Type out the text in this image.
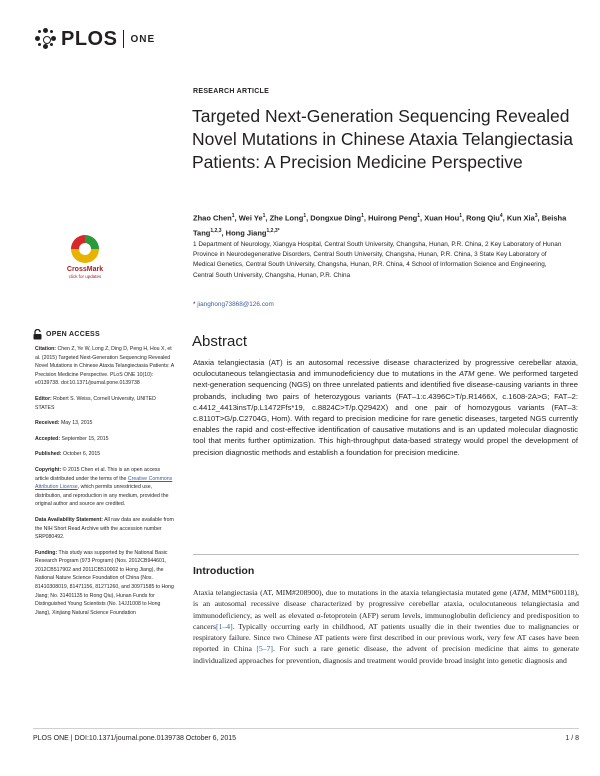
PLOS ONE
RESEARCH ARTICLE
Targeted Next-Generation Sequencing Revealed Novel Mutations in Chinese Ataxia Telangiectasia Patients: A Precision Medicine Perspective
Zhao Chen$^1$, Wei Ye$^1$, Zhe Long$^1$, Dongxue Ding$^1$, Huirong Peng$^1$, Xuan Hou$^1$, Rong Qiu$^4$, Kun Xia$^3$, Beisha Tang$^{1,2,3}$, Hong Jiang$^{1,2,3*}$
1 Department of Neurology, Xiangya Hospital, Central South University, Changsha, Hunan, P.R. China, 2 Key Laboratory of Hunan Province in Neurodegenerative Disorders, Central South University, Changsha, Hunan, P.R. China, 3 State Key Laboratory of Medical Genetics, Central South University, Changsha, Hunan, P.R. China, 4 School of Information Science and Engineering, Central South University, Changsha, Hunan, P.R. China
* jianghong73868@126.com
Abstract
Ataxia telangiectasia (AT) is an autosomal recessive disease characterized by progressive cerebellar ataxia, oculocutaneous telangiectasia and immunodeficiency due to mutations in the ATM gene. We performed targeted next-generation sequencing (NGS) on three unrelated patients and identified five disease-causing variants in three probands, including two pairs of heterozygous variants (FAT–1:c.4396C>T/p.R1466X, c.1608-2A>G; FAT–2: c.4412_4413insT/p.L1472Ffs*19, c.8824C>T/p.Q2942X) and one pair of homozygous variants (FAT–3: c.8110T>G/p.C2704G, Hom). With regard to precision medicine for rare genetic diseases, targeted NGS currently enables the rapid and cost-effective identification of causative mutations and is an updated molecular diagnostic tool that merits further optimization. This high-throughput data-based strategy would propel the development of precision diagnostic methods and establish a foundation for precision medicine.
Introduction
Ataxia telangiectasia (AT, MIM#208900), due to mutations in the ataxia telangiectasia mutated gene (ATM, MIM*600118), is an autosomal recessive disease characterized by progressive cerebellar ataxia, oculocutaneous telangiectasia and immunodeficiency, as well as elevated α-fetoprotein (AFP) serum levels, immunoglobulin deficiency and predisposition to cancers[1–4]. Typically occurring early in childhood, AT patients usually die in their twenties due to malignancies or respiratory failure. Since two Chinese AT patients were first described in our previous work, very few AT cases have been reported in China [5–7]. For such a rare genetic disease, the advent of precision medicine that aims to generate individualized approaches for prevention, diagnosis and treatment would provide broad insight into genetic diagnosis and
CrossMark
click for updates
OPEN ACCESS

Citation: Chen Z, Ye W, Long Z, Ding D, Peng H, Hou X, et al. (2015) Targeted Next-Generation Sequencing Revealed Novel Mutations in Chinese Ataxia Telangiectasia Patients: A Precision Medicine Perspective. PLoS ONE 10(10): e0139738. doi:10.1371/journal.pone.0139738

Editor: Robert S. Weiss, Cornell University, UNITED STATES

Received: May 13, 2015

Accepted: September 15, 2015

Published: October 6, 2015

Copyright: © 2015 Chen et al. This is an open access article distributed under the terms of the Creative Commons Attribution License, which permits unrestricted use, distribution, and reproduction in any medium, provided the original author and source are credited.

Data Availability Statement: All raw data are available from the NIH Short Read Archive with the accession number SRP080492.

Funding: This study was supported by the National Basic Research Program (973 Program) (Nos. 2012CB944601, 2012CB517902 and 2011CB510002 to Hong Jiang), the National Nature Science Foundation of China (Nos. 81410308019, 81471156, 81271260, and 30971585 to Hong Jiang; No. 31401135 to Rong Qiu), Hunan Funds for Distinguished Young Scientists (No. 14JJ1008 to Hong Jiang), Xinjiang Natural Science Foundation

PLOS ONE | DOI:10.1371/journal.pone.0139738 October 6, 2015	1 / 8
